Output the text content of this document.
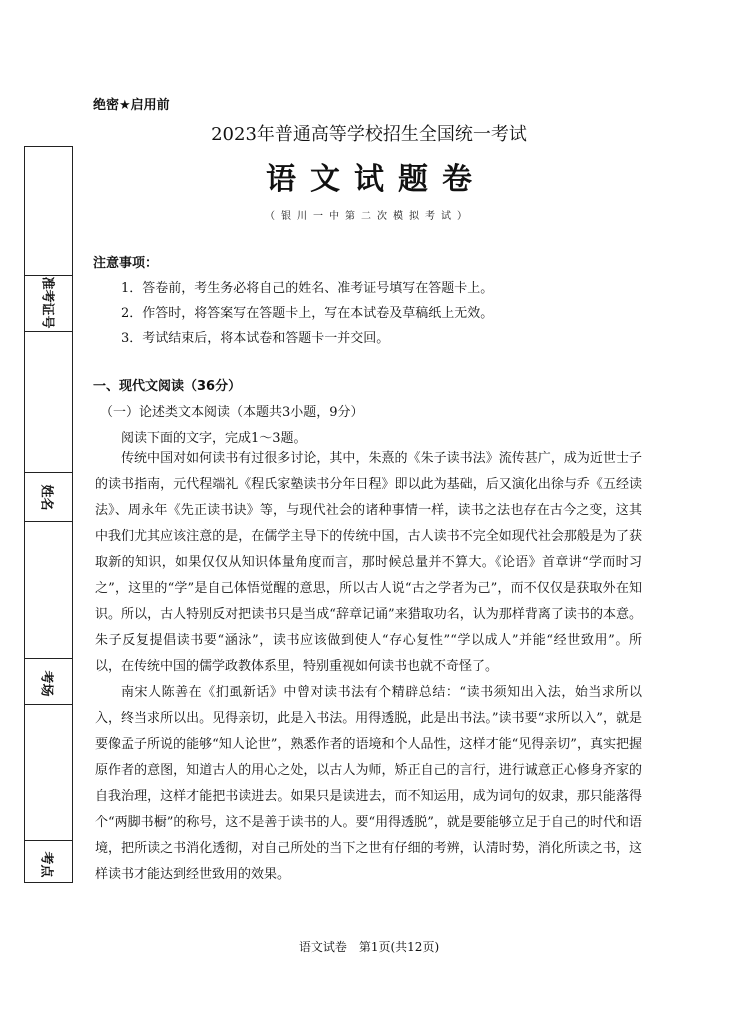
绝密★启用前
2023年普通高等学校招生全国统一考试
语文试题卷
（银川一中第二次模拟考试）
注意事项：
1．答卷前，考生务必将自己的姓名、准考证号填写在答题卡上。
2．作答时，将答案写在答题卡上，写在本试卷及草稿纸上无效。
3．考试结束后，将本试卷和答题卡一并交回。
一、现代文阅读（36分）
（一）论述类文本阅读（本题共3小题，9分）
阅读下面的文字，完成1～3题。

传统中国对如何读书有过很多讨论，其中，朱熹的《朱子读书法》流传甚广，成为近世士子的读书指南，元代程端礼《程氏家塾读书分年日程》即以此为基础，后又演化出徐与乔《五经读法》、周永年《先正读书诀》等，与现代社会的诸种事情一样，读书之法也存在古今之变，这其中我们尤其应该注意的是，在儒学主导下的传统中国，古人读书不完全如现代社会那般是为了获取新的知识，如果仅仅从知识体量角度而言，那时候总量并不算大。《论语》首章讲“学而时习之”，这里的“学”是自己体悟觉醒的意思，所以古人说“古之学者为己”，而不仅仅是获取外在知识。所以，古人特别反对把读书只是当成“辞章记诵”来猎取功名，认为那样背离了读书的本意。朱子反复提倡读书要“涵泳”，读书应该做到使人“存心复性”“学以成人”并能“经世致用”。所以，在传统中国的儒学政教体系里，特别重视如何读书也就不奇怪了。

南宋人陈善在《扪虱新话》中曾对读书法有个精辟总结：“读书须知出入法，始当求所以入，终当求所以出。见得亲切，此是入书法。用得透脱，此是出书法。”读书要“求所以入”，就是要像孟子所说的能够“知人论世”，熟悉作者的语境和个人品性，这样才能“见得亲切”，真实把握原作者的意图，知道古人的用心之处，以古人为师，矫正自己的言行，进行诚意正心修身齐家的自我治理，这样才能把书读进去。如果只是读进去，而不知运用，成为词句的奴隶，那只能落得个“两脚书橱”的称号，这不是善于读书的人。要“用得透脱”，就是要能够立足于自己的时代和语境，把所读之书消化透彻，对自己所处的当下之世有仔细的考辨，认清时势，消化所读之书，这样读书才能达到经世致用的效果。

语文试卷　第1页(共12页)
准考证号
姓名
考场
考点
